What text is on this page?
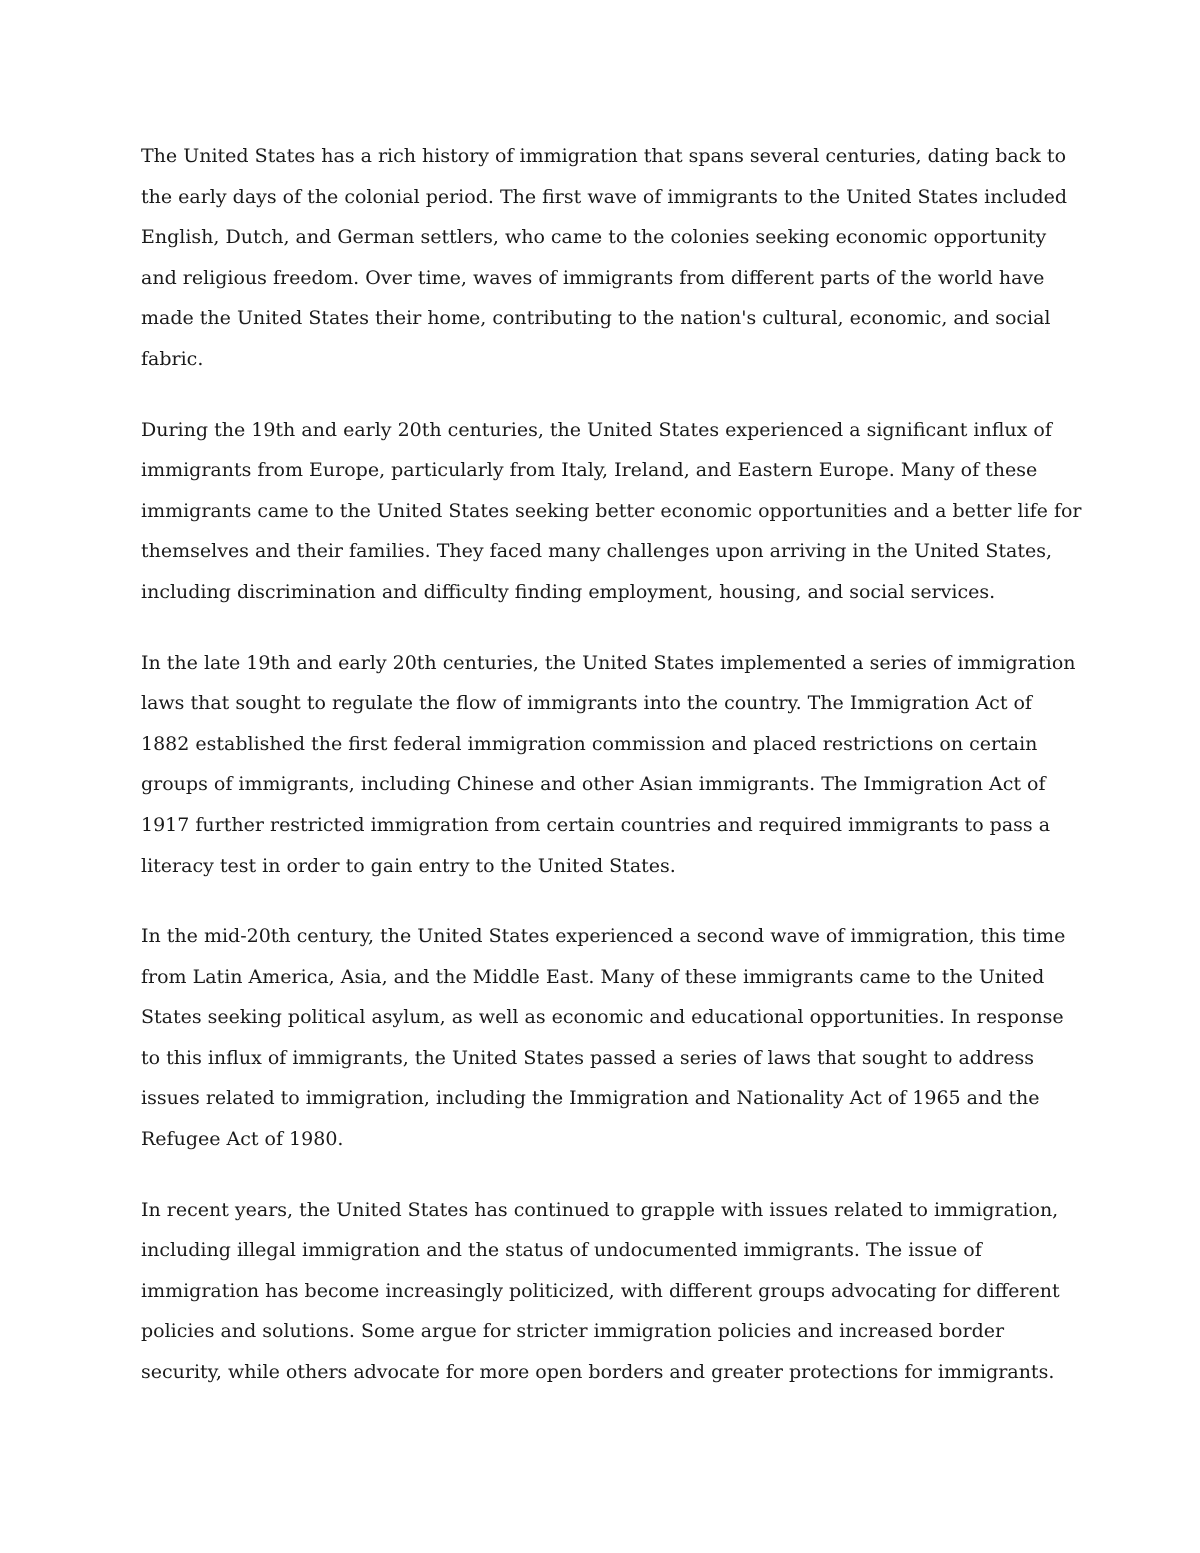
The United States has a rich history of immigration that spans several centuries, dating back to
the early days of the colonial period. The first wave of immigrants to the United States included
English, Dutch, and German settlers, who came to the colonies seeking economic opportunity
and religious freedom. Over time, waves of immigrants from different parts of the world have
made the United States their home, contributing to the nation's cultural, economic, and social
fabric.

During the 19th and early 20th centuries, the United States experienced a significant influx of
immigrants from Europe, particularly from Italy, Ireland, and Eastern Europe. Many of these
immigrants came to the United States seeking better economic opportunities and a better life for
themselves and their families. They faced many challenges upon arriving in the United States,
including discrimination and difficulty finding employment, housing, and social services.

In the late 19th and early 20th centuries, the United States implemented a series of immigration
laws that sought to regulate the flow of immigrants into the country. The Immigration Act of
1882 established the first federal immigration commission and placed restrictions on certain
groups of immigrants, including Chinese and other Asian immigrants. The Immigration Act of
1917 further restricted immigration from certain countries and required immigrants to pass a
literacy test in order to gain entry to the United States.

In the mid-20th century, the United States experienced a second wave of immigration, this time
from Latin America, Asia, and the Middle East. Many of these immigrants came to the United
States seeking political asylum, as well as economic and educational opportunities. In response
to this influx of immigrants, the United States passed a series of laws that sought to address
issues related to immigration, including the Immigration and Nationality Act of 1965 and the
Refugee Act of 1980.

In recent years, the United States has continued to grapple with issues related to immigration,
including illegal immigration and the status of undocumented immigrants. The issue of
immigration has become increasingly politicized, with different groups advocating for different
policies and solutions. Some argue for stricter immigration policies and increased border
security, while others advocate for more open borders and greater protections for immigrants.
